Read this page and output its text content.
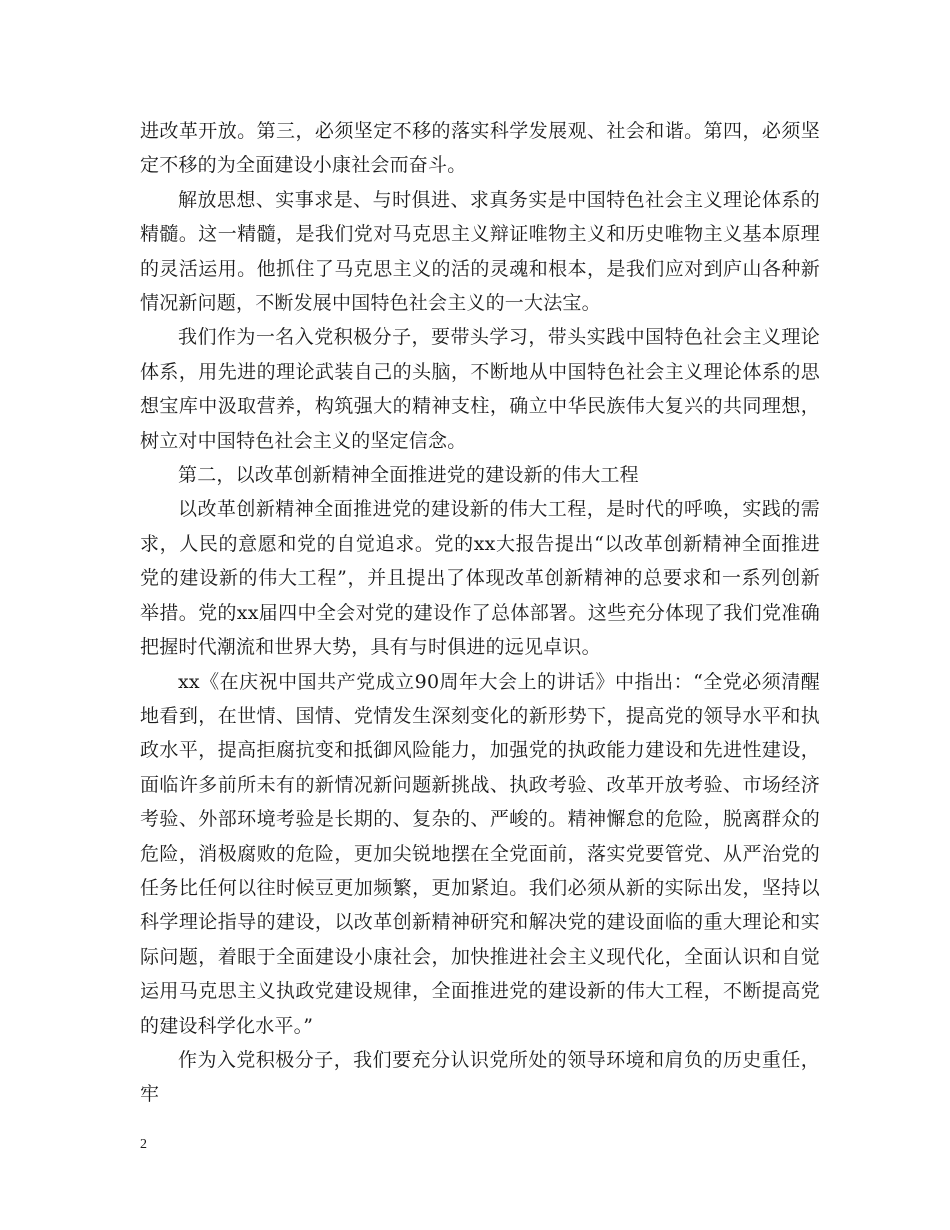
进改革开放。第三，必须坚定不移的落实科学发展观、社会和谐。第四，必须坚定不移的为全面建设小康社会而奋斗。

解放思想、实事求是、与时俱进、求真务实是中国特色社会主义理论体系的精髓。这一精髓，是我们党对马克思主义辩证唯物主义和历史唯物主义基本原理的灵活运用。他抓住了马克思主义的活的灵魂和根本，是我们应对到庐山各种新情况新问题，不断发展中国特色社会主义的一大法宝。

我们作为一名入党积极分子，要带头学习，带头实践中国特色社会主义理论体系，用先进的理论武装自己的头脑，不断地从中国特色社会主义理论体系的思想宝库中汲取营养，构筑强大的精神支柱，确立中华民族伟大复兴的共同理想，树立对中国特色社会主义的坚定信念。

第二，以改革创新精神全面推进党的建设新的伟大工程

以改革创新精神全面推进党的建设新的伟大工程，是时代的呼唤，实践的需求，人民的意愿和党的自觉追求。党的xx大报告提出“以改革创新精神全面推进党的建设新的伟大工程”，并且提出了体现改革创新精神的总要求和一系列创新举措。党的xx届四中全会对党的建设作了总体部署。这些充分体现了我们党准确把握时代潮流和世界大势，具有与时俱进的远见卓识。

xx《在庆祝中国共产党成立90周年大会上的讲话》中指出：“全党必须清醒地看到，在世情、国情、党情发生深刻变化的新形势下，提高党的领导水平和执政水平，提高拒腐抗变和抵御风险能力，加强党的执政能力建设和先进性建设，面临许多前所未有的新情况新问题新挑战、执政考验、改革开放考验、市场经济考验、外部环境考验是长期的、复杂的、严峻的。精神懈怠的危险，脱离群众的危险，消极腐败的危险，更加尖锐地摆在全党面前，落实党要管党、从严治党的任务比任何以往时候豆更加频繁，更加紧迫。我们必须从新的实际出发，坚持以科学理论指导的建设，以改革创新精神研究和解决党的建设面临的重大理论和实际问题，着眼于全面建设小康社会，加快推进社会主义现代化，全面认识和自觉运用马克思主义执政党建设规律，全面推进党的建设新的伟大工程，不断提高党的建设科学化水平。”

作为入党积极分子，我们要充分认识党所处的领导环境和肩负的历史重任，牢

2
